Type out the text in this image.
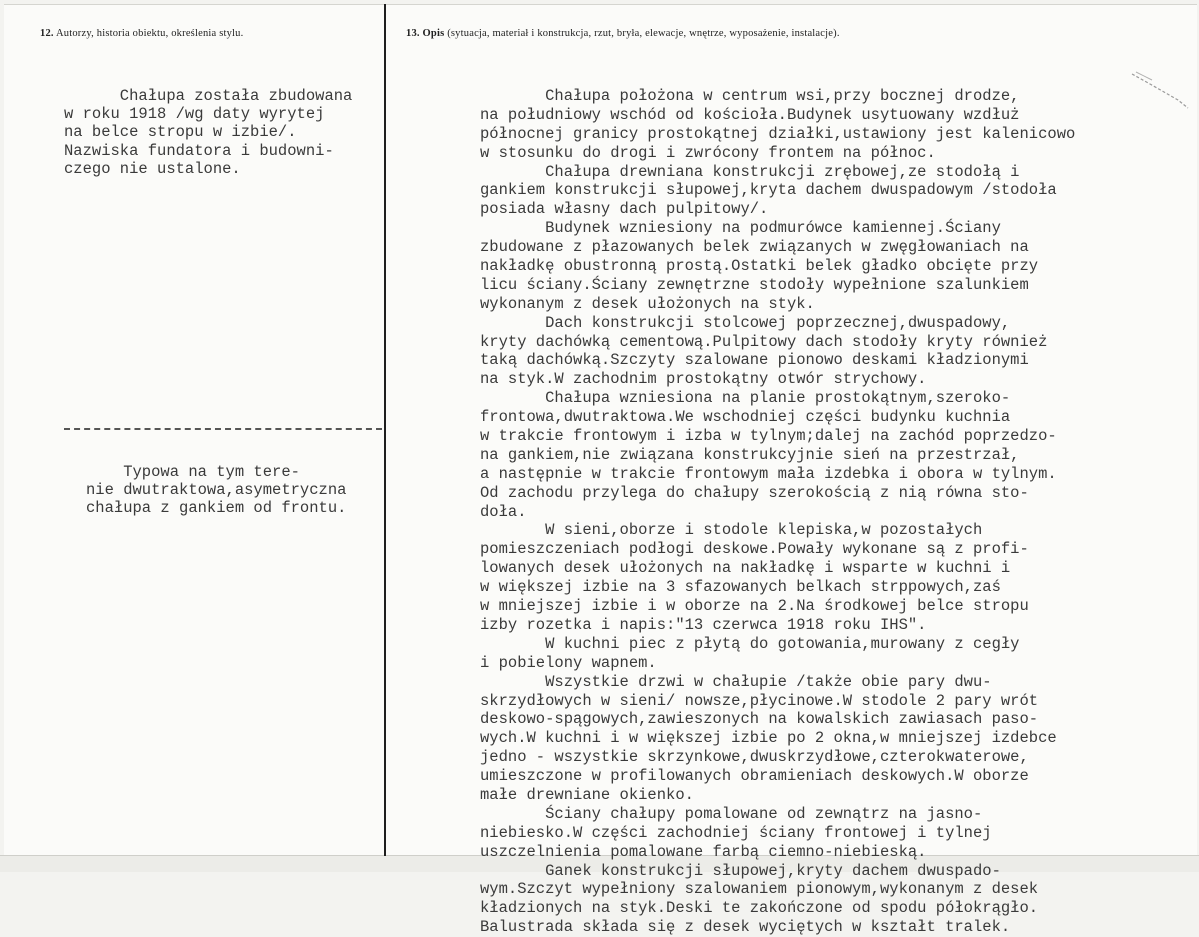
12. Autorzy, historia obiektu, określenia stylu.	13. Opis (sytuacja, materiał i konstrukcja, rzut, bryła, elewacje, wnętrze, wyposażenie, instalacje).
Chałupa została zbudowana
w roku 1918 /wg daty wyrytej
na belce stropu w izbie/.
Nazwiska fundatora i budowni-
czego nie ustalone.
Typowa na tym tere-
nie dwutraktowa,asymetryczna
chałupa z gankiem od frontu.
Chałupa położona w centrum wsi,przy bocznej drodze,
na południowy wschód od kościoła.Budynek usytuowany wzdłuż
północnej granicy prostokątnej działki,ustawiony jest kalenicowo
w stosunku do drogi i zwrócony frontem na północ.
Chałupa drewniana konstrukcji zrębowej,ze stodołą i
gankiem konstrukcji słupowej,kryta dachem dwuspadowym /stodoła
posiada własny dach pulpitowy/.
Budynek wzniesiony na podmurówce kamiennej.Ściany
zbudowane z płazowanych belek związanych w zwęgłowaniach na
nakładkę obustronną prostą.Ostatki belek gładko obcięte przy
licu ściany.Ściany zewnętrzne stodoły wypełnione szalunkiem
wykonanym z desek ułożonych na styk.
Dach konstrukcji stolcowej poprzecznej,dwuspadowy,
kryty dachówką cementową.Pulpitowy dach stodoły kryty również
taką dachówką.Szczyty szalowane pionowo deskami kładzionymi
na styk.W zachodnim prostokątny otwór strychowy.
Chałupa wzniesiona na planie prostokątnym,szeroko-
frontowa,dwutraktowa.We wschodniej części budynku kuchnia
w trakcie frontowym i izba w tylnym;dalej na zachód poprzedzo-
na gankiem,nie związana konstrukcyjnie sień na przestrzał,
a następnie w trakcie frontowym mała izdebka i obora w tylnym.
Od zachodu przylega do chałupy szerokością z nią równa sto-
doła.
W sieni,oborze i stodole klepiska,w pozostałych
pomieszczeniach podłogi deskowe.Powały wykonane są z profi-
lowanych desek ułożonych na nakładkę i wsparte w kuchni i
w większej izbie na 3 sfazowanych belkach strppowych,zaś
w mniejszej izbie i w oborze na 2.Na środkowej belce stropu
izby rozetka i napis:"13 czerwca 1918 roku IHS".
W kuchni piec z płytą do gotowania,murowany z cegły
i pobielony wapnem.
Wszystkie drzwi w chałupie /także obie pary dwu-
skrzydłowych w sieni/ nowsze,płycinowe.W stodole 2 pary wrót
deskowo-spągowych,zawieszonych na kowalskich zawiasach paso-
wych.W kuchni i w większej izbie po 2 okna,w mniejszej izdebce
jedno - wszystkie skrzynkowe,dwuskrzydłowe,czterokwaterowe,
umieszczone w profilowanych obramieniach deskowych.W oborze
małe drewniane okienko.
Ściany chałupy pomalowane od zewnątrz na jasno-
niebiesko.W części zachodniej ściany frontowej i tylnej
uszczelnienia pomalowane farbą ciemno-niebieską.
Ganek konstrukcji słupowej,kryty dachem dwuspado-
wym.Szczyt wypełniony szalowaniem pionowym,wykonanym z desek
kładzionych na styk.Deski te zakończone od spodu półokrągło.
Balustrada składa się z desek wyciętych w kształt tralek.
